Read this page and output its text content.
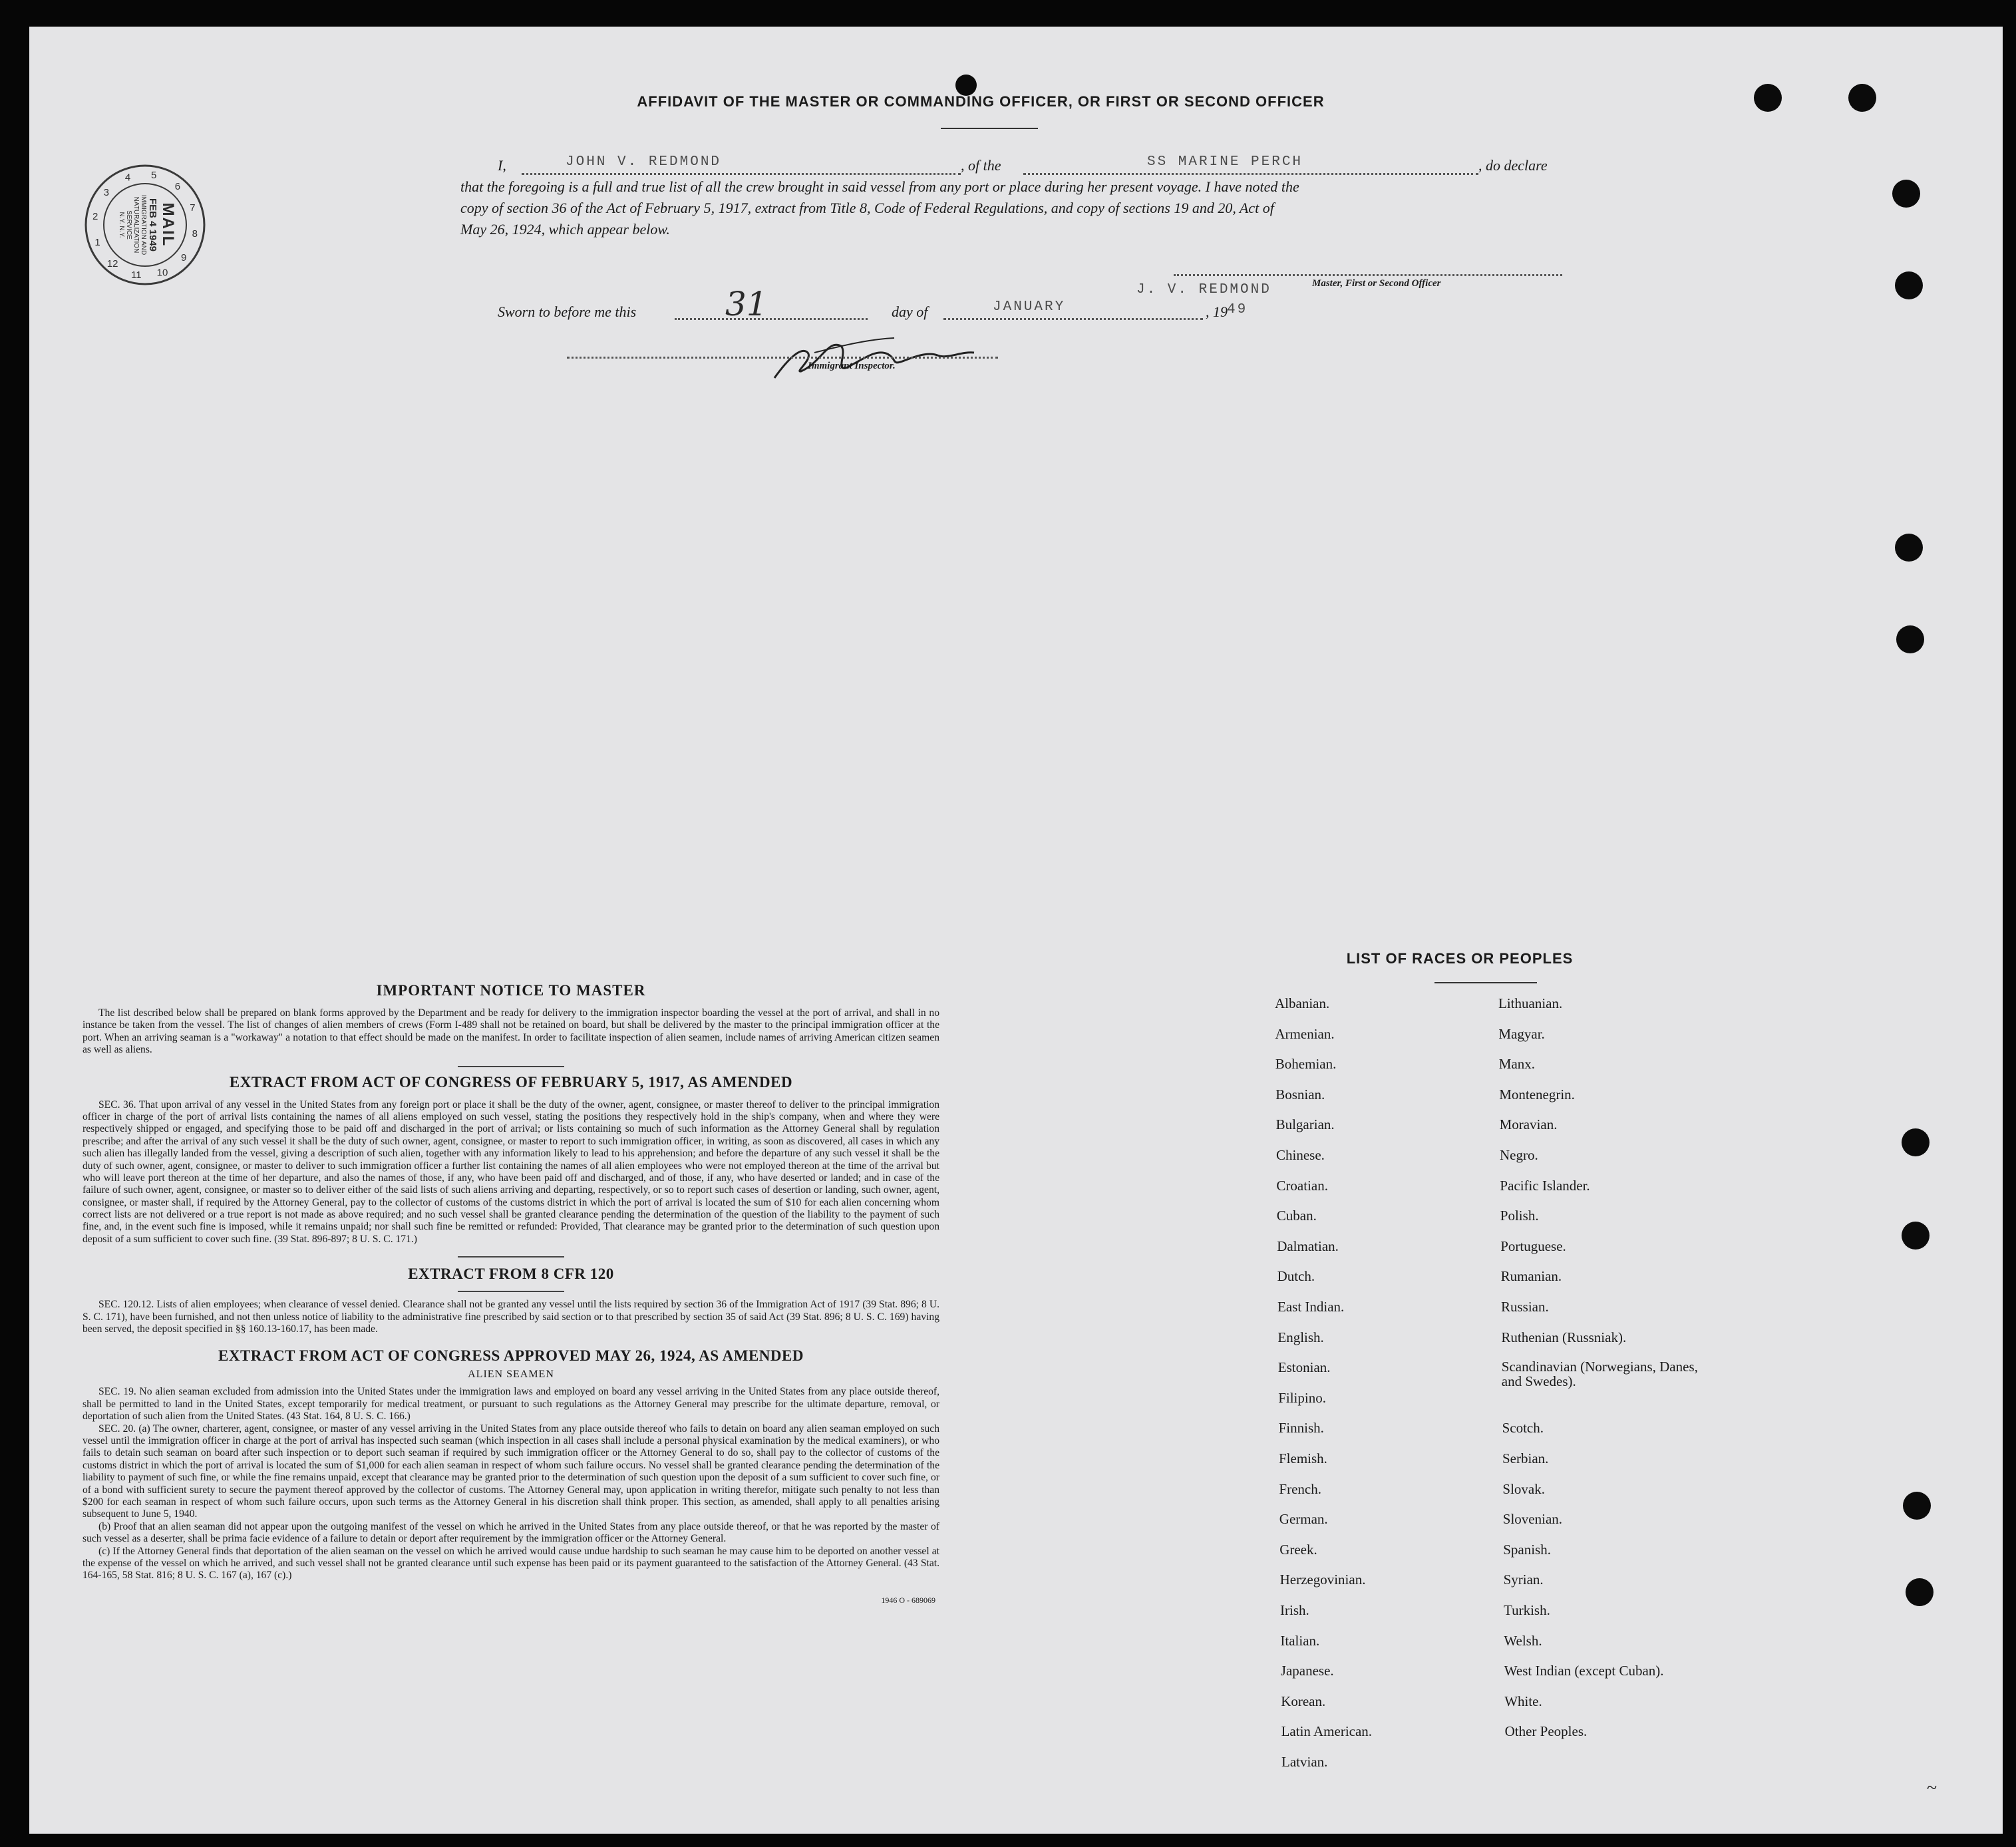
AFFIDAVIT OF THE MASTER OR COMMANDING OFFICER, OR FIRST OR SECOND OFFICER
1
2
3
4 5
6
7
8
9
10
11
12
MAIL
FEB 4 1949
IMMIGRATION AND
NATURALIZATION
SERVICE
N.Y. N.Y.
I,	JOHN V. REDMOND	, of the	SS MARINE PERCH	, do declare
that the foregoing is a full and true list of all the crew brought in said vessel from any port or place during her present voyage. I have noted the
copy of section 36 of the Act of February 5, 1917, extract from Title 8, Code of Federal Regulations, and copy of sections 19 and 20, Act of
May 26, 1924, which appear below.
J. V. REDMOND	Master, First or Second Officer
Sworn to before me this	31	day of	JANUARY	, 19 49
Immigrant Inspector.
IMPORTANT NOTICE TO MASTER

The list described below shall be prepared on blank forms approved by the Department and be ready for delivery to the immigration inspector boarding the vessel at the port of arrival, and shall in no instance be taken from the vessel. The list of changes of alien members of crews (Form I-489 shall not be retained on board, but shall be delivered by the master to the principal immigration officer at the port. When an arriving seaman is a "workaway" a notation to that effect should be made on the manifest. In order to facilitate inspection of alien seamen, include names of arriving American citizen seamen as well as aliens.

EXTRACT FROM ACT OF CONGRESS OF FEBRUARY 5, 1917, AS AMENDED

SEC. 36. That upon arrival of any vessel in the United States from any foreign port or place it shall be the duty of the owner, agent, consignee, or master thereof to deliver to the principal immigration officer in charge of the port of arrival lists containing the names of all aliens employed on such vessel, stating the positions they respectively hold in the ship's company, when and where they were respectively shipped or engaged, and specifying those to be paid off and discharged in the port of arrival; or lists containing so much of such information as the Attorney General shall by regulation prescribe; and after the arrival of any such vessel it shall be the duty of such owner, agent, consignee, or master to report to such immigration officer, in writing, as soon as discovered, all cases in which any such alien has illegally landed from the vessel, giving a description of such alien, together with any information likely to lead to his apprehension; and before the departure of any such vessel it shall be the duty of such owner, agent, consignee, or master to deliver to such immigration officer a further list containing the names of all alien employees who were not employed thereon at the time of the arrival but who will leave port thereon at the time of her departure, and also the names of those, if any, who have been paid off and discharged, and of those, if any, who have deserted or landed; and in case of the failure of such owner, agent, consignee, or master so to deliver either of the said lists of such aliens arriving and departing, respectively, or so to report such cases of desertion or landing, such owner, agent, consignee, or master shall, if required by the Attorney General, pay to the collector of customs of the customs district in which the port of arrival is located the sum of $10 for each alien concerning whom correct lists are not delivered or a true report is not made as above required; and no such vessel shall be granted clearance pending the determination of the question of the liability to the payment of such fine, and, in the event such fine is imposed, while it remains unpaid; nor shall such fine be remitted or refunded: Provided, That clearance may be granted prior to the determination of such question upon deposit of a sum sufficient to cover such fine. (39 Stat. 896-897; 8 U. S. C. 171.)

EXTRACT FROM 8 CFR 120

SEC. 120.12. Lists of alien employees; when clearance of vessel denied. Clearance shall not be granted any vessel until the lists required by section 36 of the Immigration Act of 1917 (39 Stat. 896; 8 U. S. C. 171), have been furnished, and not then unless notice of liability to the administrative fine prescribed by said section or to that prescribed by section 35 of said Act (39 Stat. 896; 8 U. S. C. 169) having been served, the deposit specified in §§ 160.13-160.17, has been made.

EXTRACT FROM ACT OF CONGRESS APPROVED MAY 26, 1924, AS AMENDED
ALIEN SEAMEN

SEC. 19. No alien seaman excluded from admission into the United States under the immigration laws and employed on board any vessel arriving in the United States from any place outside thereof, shall be permitted to land in the United States, except temporarily for medical treatment, or pursuant to such regulations as the Attorney General may prescribe for the ultimate departure, removal, or deportation of such alien from the United States. (43 Stat. 164, 8 U. S. C. 166.)

SEC. 20. (a) The owner, charterer, agent, consignee, or master of any vessel arriving in the United States from any place outside thereof who fails to detain on board any alien seaman employed on such vessel until the immigration officer in charge at the port of arrival has inspected such seaman (which inspection in all cases shall include a personal physical examination by the medical examiners), or who fails to detain such seaman on board after such inspection or to deport such seaman if required by such immigration officer or the Attorney General to do so, shall pay to the collector of customs of the customs district in which the port of arrival is located the sum of $1,000 for each alien seaman in respect of whom such failure occurs. No vessel shall be granted clearance pending the determination of the liability to payment of such fine, or while the fine remains unpaid, except that clearance may be granted prior to the determination of such question upon the deposit of a sum sufficient to cover such fine, or of a bond with sufficient surety to secure the payment thereof approved by the collector of customs. The Attorney General may, upon application in writing therefor, mitigate such penalty to not less than $200 for each seaman in respect of whom such failure occurs, upon such terms as the Attorney General in his discretion shall think proper. This section, as amended, shall apply to all penalties arising subsequent to June 5, 1940.

(b) Proof that an alien seaman did not appear upon the outgoing manifest of the vessel on which he arrived in the United States from any place outside thereof, or that he was reported by the master of such vessel as a deserter, shall be prima facie evidence of a failure to detain or deport after requirement by the immigration officer or the Attorney General.

(c) If the Attorney General finds that deportation of the alien seaman on the vessel on which he arrived would cause undue hardship to such seaman he may cause him to be deported on another vessel at the expense of the vessel on which he arrived, and such vessel shall not be granted clearance until such expense has been paid or its payment guaranteed to the satisfaction of the Attorney General. (43 Stat. 164-165, 58 Stat. 816; 8 U. S. C. 167 (a), 167 (c).)

1946 O - 689069
LIST OF RACES OR PEOPLES
~
Albanian.
Armenian.
Bohemian.
Bosnian.
Bulgarian.
Chinese.
Croatian.
Cuban.
Dalmatian.
Dutch.
East Indian.
English.
Estonian.
Filipino.
Finnish.
Flemish.
French.
German.
Greek.
Herzegovinian.
Irish.
Italian.
Japanese.
Korean.
Latin American.
Latvian.
Lithuanian.
Magyar.
Manx.
Montenegrin.
Moravian.
Negro.
Pacific Islander.
Polish.
Portuguese.
Rumanian.
Russian.
Ruthenian (Russniak).
Scandinavian (Norwegians, Danes, and Swedes).
Scotch.
Serbian.
Slovak.
Slovenian.
Spanish.
Syrian.
Turkish.
Welsh.
West Indian (except Cuban).
White.
Other Peoples.
